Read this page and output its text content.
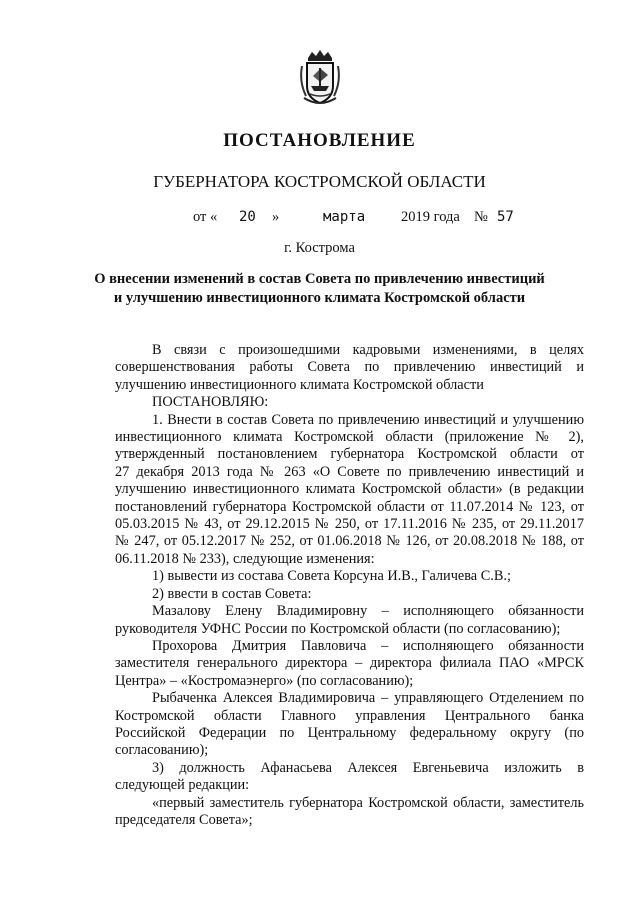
ПОСТАНОВЛЕНИЕ
ГУБЕРНАТОРА КОСТРОМСКОЙ ОБЛАСТИ
от « 20 »	марта 2019 года № 57
г. Кострома
О внесении изменений в состав Совета по привлечению инвестиций
и улучшению инвестиционного климата Костромской области
В связи с произошедшими кадровыми изменениями, в целях
совершенствования работы Совета по привлечению инвестиций и
улучшению инвестиционного климата Костромской области
ПОСТАНОВЛЯЮ:
1. Внести в состав Совета по привлечению инвестиций и улучшению
инвестиционного климата Костромской области (приложение № 2),
утвержденный постановлением губернатора Костромской области от
27 декабря 2013 года № 263 «О Совете по привлечению инвестиций и
улучшению инвестиционного климата Костромской области» (в редакции
постановлений губернатора Костромской области от 11.07.2014 № 123, от
05.03.2015 № 43, от 29.12.2015 № 250, от 17.11.2016 № 235, от 29.11.2017
№ 247, от 05.12.2017 № 252, от 01.06.2018 № 126, от 20.08.2018 № 188, от
06.11.2018 № 233), следующие изменения:
1) вывести из состава Совета Корсуна И.В., Галичева С.В.;
2) ввести в состав Совета:
Мазалову Елену Владимировну – исполняющего обязанности
руководителя УФНС России по Костромской области (по согласованию);
Прохорова Дмитрия Павловича – исполняющего обязанности
заместителя генерального директора – директора филиала ПАО «МРСК
Центра» – «Костромаэнерго» (по согласованию);
Рыбаченка Алексея Владимировича – управляющего Отделением по
Костромской области Главного управления Центрального банка
Российской Федерации по Центральному федеральному округу (по
согласованию);
3) должность Афанасьева Алексея Евгеньевича изложить в
следующей редакции:
«первый заместитель губернатора Костромской области, заместитель
председателя Совета»;
